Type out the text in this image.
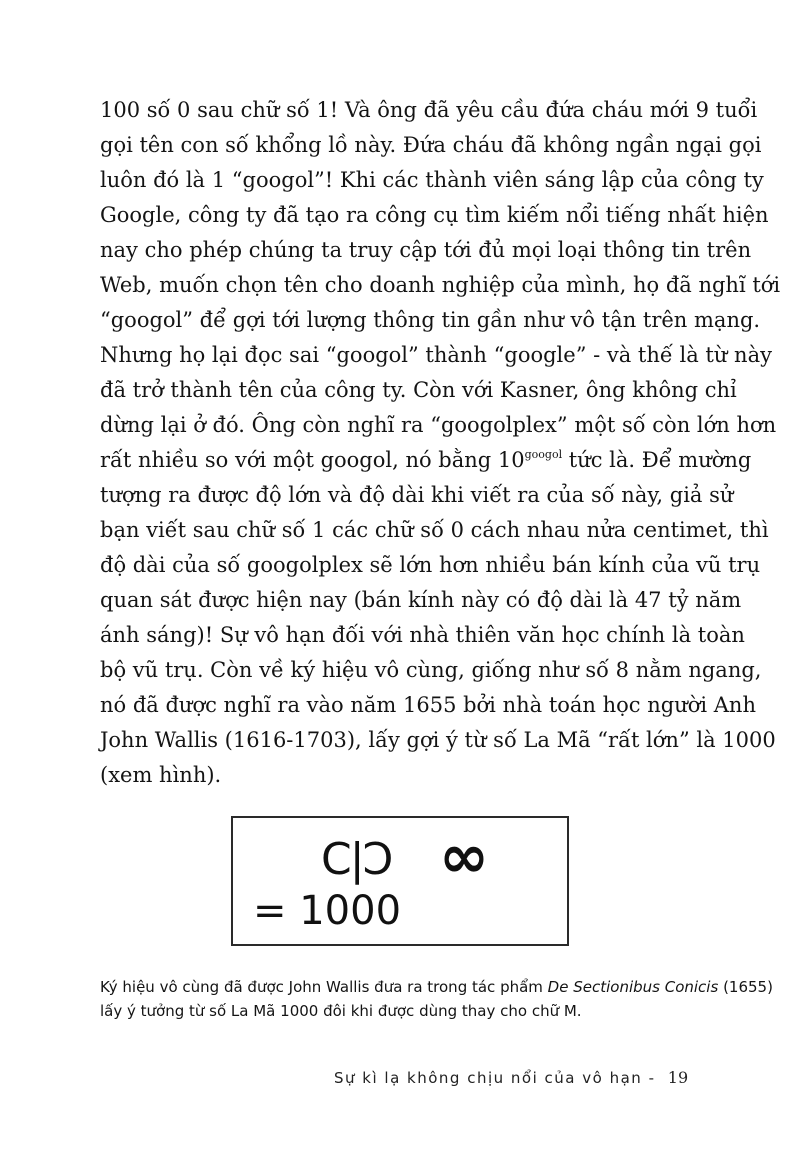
100 số 0 sau chữ số 1! Và ông đã yêu cầu đứa cháu mới 9 tuổi
gọi tên con số khổng lồ này. Đứa cháu đã không ngần ngại gọi
luôn đó là 1 “googol”! Khi các thành viên sáng lập của công ty
Google, công ty đã tạo ra công cụ tìm kiếm nổi tiếng nhất hiện
nay cho phép chúng ta truy cập tới đủ mọi loại thông tin trên
Web, muốn chọn tên cho doanh nghiệp của mình, họ đã nghĩ tới
“googol” để gợi tới lượng thông tin gần như vô tận trên mạng.
Nhưng họ lại đọc sai “googol” thành “google” - và thế là từ này
đã trở thành tên của công ty. Còn với Kasner, ông không chỉ
dừng lại ở đó. Ông còn nghĩ ra “googolplex” một số còn lớn hơn
rất nhiều so với một googol, nó bằng $10^{googol}$ tức là. Để mường
tượng ra được độ lớn và độ dài khi viết ra của số này, giả sử
bạn viết sau chữ số 1 các chữ số 0 cách nhau nửa centimet, thì
độ dài của số googolplex sẽ lớn hơn nhiều bán kính của vũ trụ
quan sát được hiện nay (bán kính này có độ dài là 47 tỷ năm
ánh sáng)! Sự vô hạn đối với nhà thiên văn học chính là toàn
bộ vũ trụ. Còn về ký hiệu vô cùng, giống như số 8 nằm ngang,
nó đã được nghĩ ra vào năm 1655 bởi nhà toán học người Anh
John Wallis (1616-1703), lấy gợi ý từ số La Mã “rất lớn” là 1000
(xem hình).
C|Ɔ ∞
= 1000
Ký hiệu vô cùng đã được John Wallis đưa ra trong tác phẩm De Sectionibus Conicis (1655)
lấy ý tưởng từ số La Mã 1000 đôi khi được dùng thay cho chữ M.
Sự kì lạ không chịu nổi của vô hạn - 19
